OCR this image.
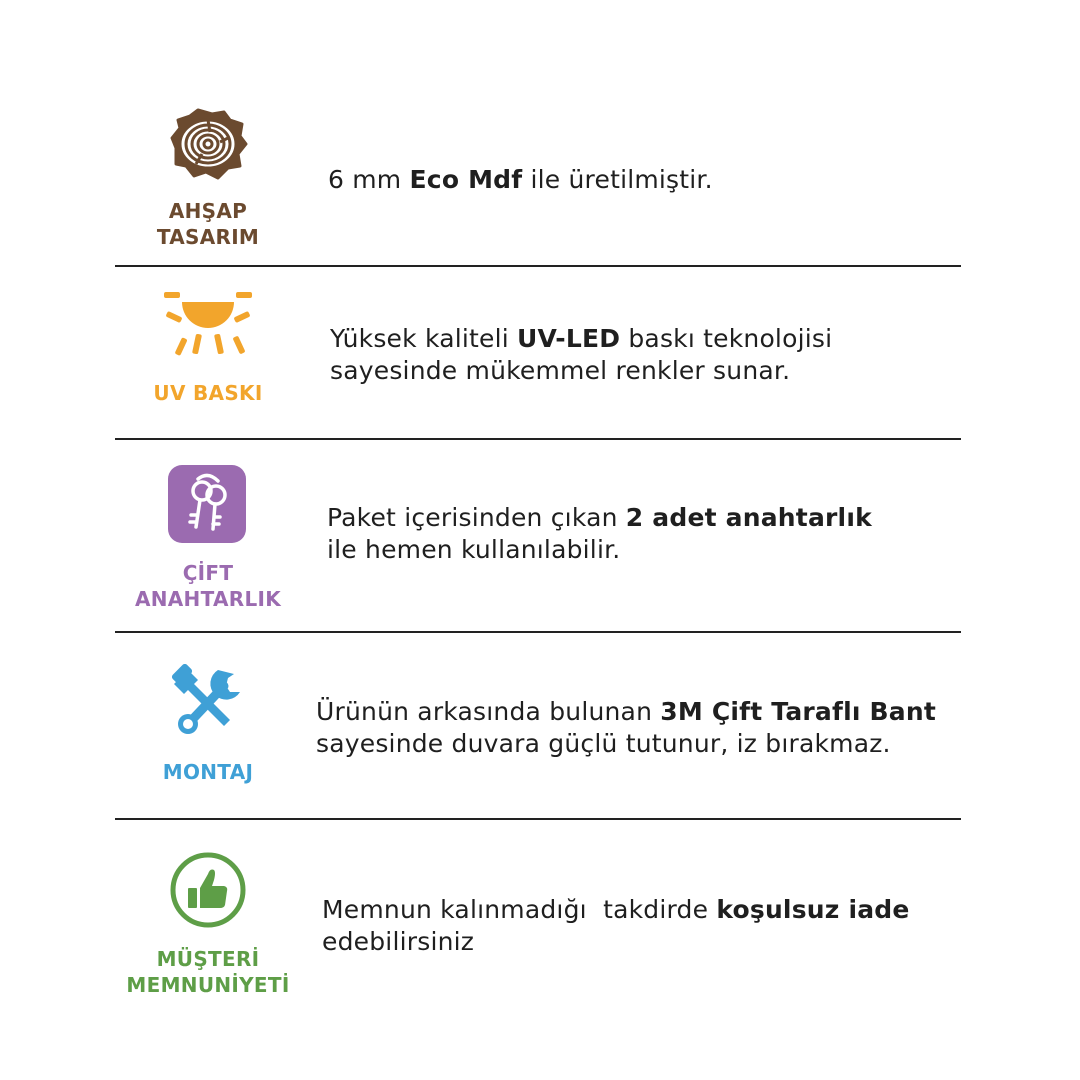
AHŞAP
TASARIM
6 mm Eco Mdf ile üretilmiştir.
UV BASKI
Yüksek kaliteli UV-LED baskı teknolojisi
sayesinde mükemmel renkler sunar.
ÇİFT
ANAHTARLIK
Paket içerisinden çıkan 2 adet anahtarlık
ile hemen kullanılabilir.
MONTAJ
Ürünün arkasında bulunan 3M Çift Taraflı Bant
sayesinde duvara güçlü tutunur, iz bırakmaz.
MÜŞTERİ
MEMNUNİYETİ
Memnun kalınmadığı  takdirde koşulsuz iade
edebilirsiniz
